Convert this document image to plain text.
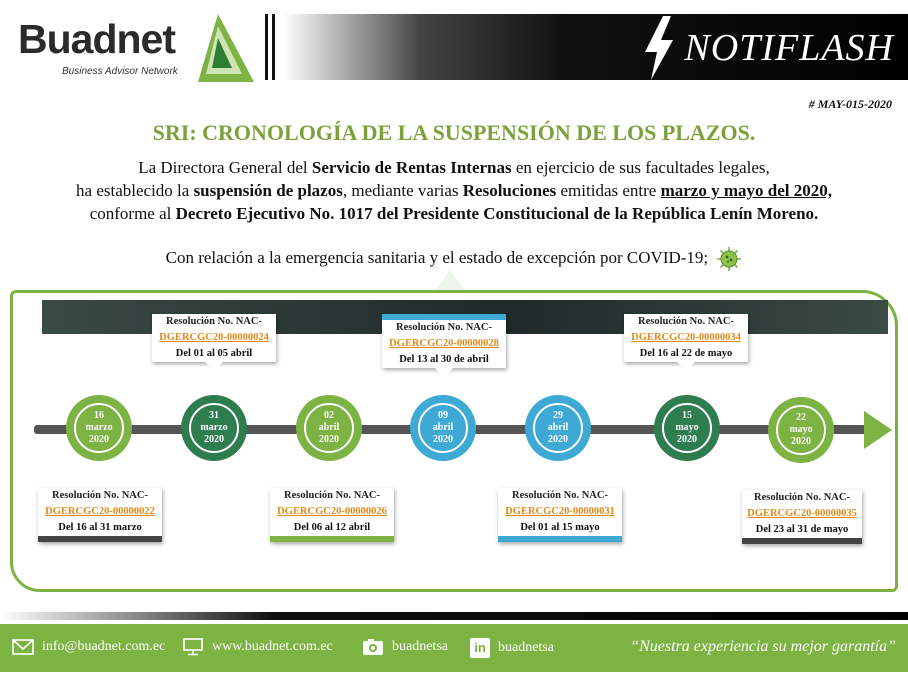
Buadnet
Business Advisor Network
NOTIFLASH
# MAY-015-2020
SRI: CRONOLOGÍA DE LA SUSPENSIÓN DE LOS PLAZOS.
La Directora General del Servicio de Rentas Internas en ejercicio de sus facultades legales,
ha establecido la suspensión de plazos, mediante varias Resoluciones emitidas entre marzo y mayo del 2020,
conforme al Decreto Ejecutivo No. 1017 del Presidente Constitucional de la República Lenín Moreno.
Con relación a la emergencia sanitaria y el estado de excepción por COVID-19;
16
marzo
2020
31
marzo
2020
02
abril
2020
09
abril
2020
29
abril
2020
15
mayo
2020
22
mayo
2020
Resolución No. NAC-
DGERCGC20-00000024
Del 01 al 05 abril
Resolución No. NAC-
DGERCGC20-00000028
Del 13 al 30 de abril
Resolución No. NAC-
DGERCGC20-00000034
Del 16 al 22 de mayo
Resolución No. NAC-
DGERCGC20-00000022
Del 16 al 31 marzo
Resolución No. NAC-
DGERCGC20-00000026
Del 06 al 12 abril
Resolución No. NAC-
DGERCGC20-00000031
Del 01 al 15 mayo
Resolución No. NAC-
DGERCGC20-00000035
Del 23 al 31 de mayo
info@buadnet.com.ec	www.buadnet.com.ec	buadnetsa	in buadnetsa	“Nuestra experiencia su mejor garantía”
